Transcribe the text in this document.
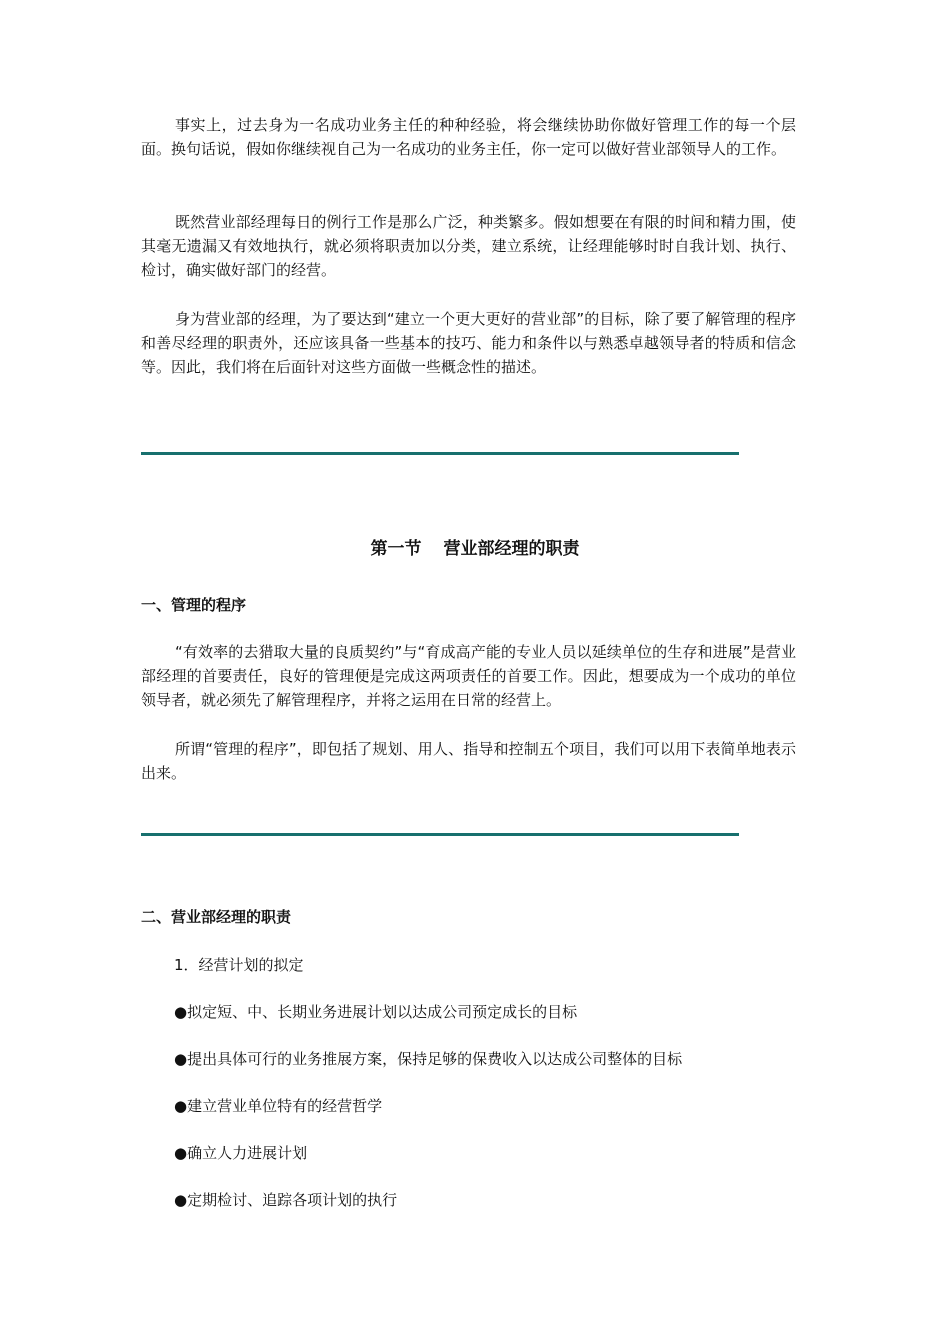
事实上，过去身为一名成功业务主任的种种经验，将会继续协助你做好管理工作的每一个层面。换句话说，假如你继续视自己为一名成功的业务主任，你一定可以做好营业部领导人的工作。

既然营业部经理每日的例行工作是那么广泛，种类繁多。假如想要在有限的时间和精力围，使其毫无遗漏又有效地执行，就必须将职责加以分类，建立系统，让经理能够时时自我计划、执行、检讨，确实做好部门的经营。

身为营业部的经理，为了要达到“建立一个更大更好的营业部”的目标，除了要了解管理的程序和善尽经理的职责外，还应该具备一些基本的技巧、能力和条件以与熟悉卓越领导者的特质和信念等。因此，我们将在后面针对这些方面做一些概念性的描述。

第一节 营业部经理的职责
一、管理的程序

“有效率的去猎取大量的良质契约”与“育成高产能的专业人员以延续单位的生存和进展”是营业部经理的首要责任，良好的管理便是完成这两项责任的首要工作。因此，想要成为一个成功的单位领导者，就必须先了解管理程序，并将之运用在日常的经营上。

所谓“管理的程序”，即包括了规划、用人、指导和控制五个项目，我们可以用下表简单地表示出来。

二、营业部经理的职责

1．经营计划的拟定

●拟定短、中、长期业务进展计划以达成公司预定成长的目标

●提出具体可行的业务推展方案，保持足够的保费收入以达成公司整体的目标

●建立营业单位特有的经营哲学

●确立人力进展计划

●定期检讨、追踪各项计划的执行
